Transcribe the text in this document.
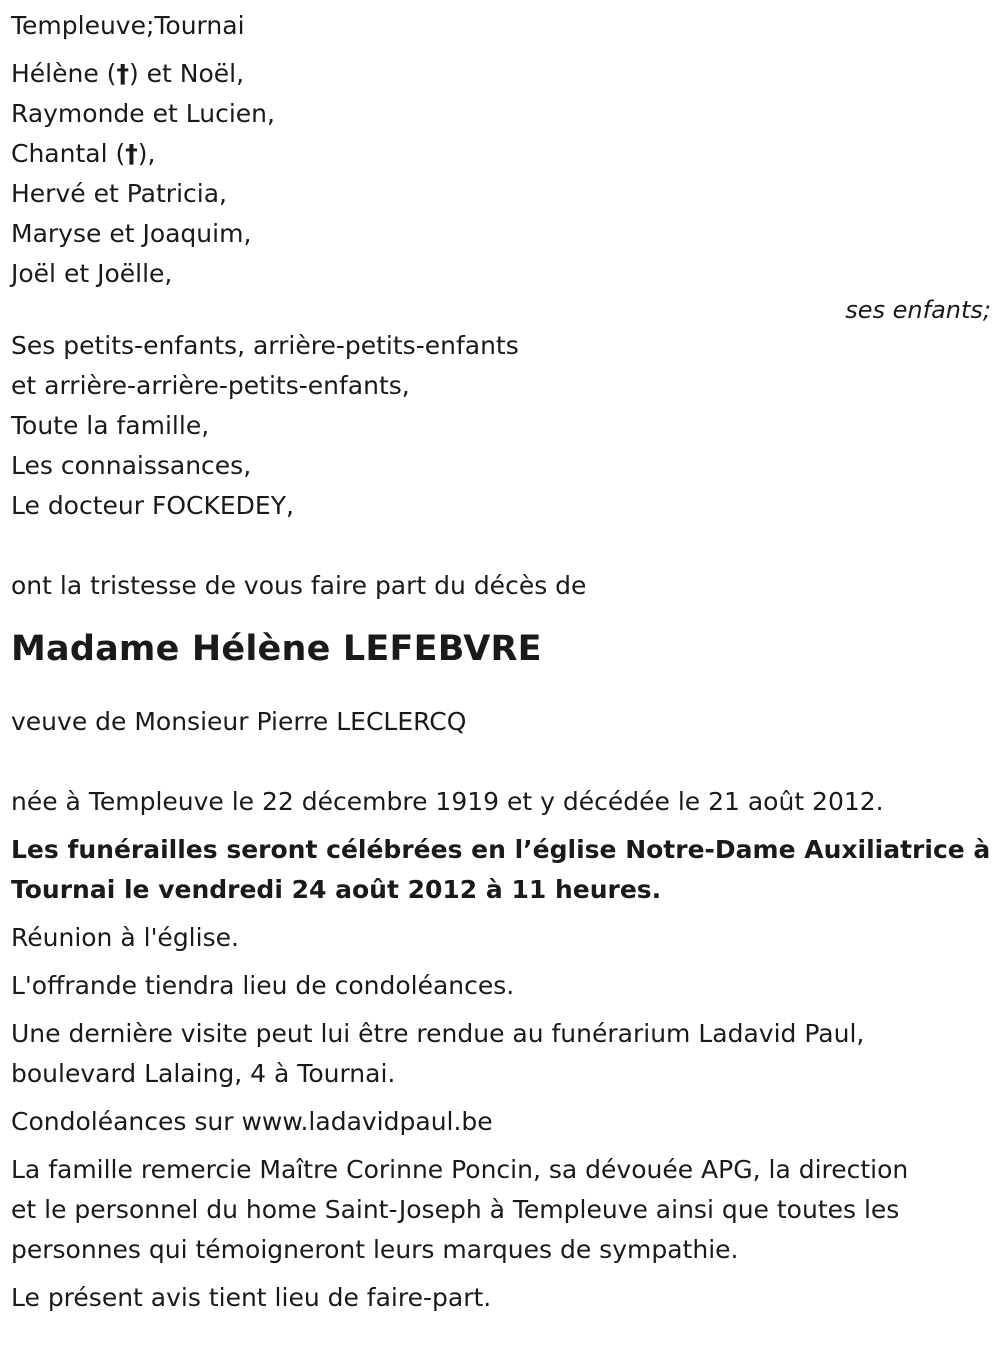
Templeuve;Tournai
Hélène (†) et Noël,
Raymonde et Lucien,
Chantal (†),
Hervé et Patricia,
Maryse et Joaquim,
Joël et Joëlle,
ses enfants;
Ses petits-enfants, arrière-petits-enfants
et arrière-arrière-petits-enfants,
Toute la famille,
Les connaissances,
Le docteur FOCKEDEY,
ont la tristesse de vous faire part du décès de
Madame Hélène LEFEBVRE
veuve de Monsieur Pierre LECLERCQ
née à Templeuve le 22 décembre 1919 et y décédée le 21 août 2012.
Les funérailles seront célébrées en l’église Notre-Dame Auxiliatrice à
Tournai le vendredi 24 août 2012 à 11 heures.
Réunion à l'église.
L'offrande tiendra lieu de condoléances.
Une dernière visite peut lui être rendue au funérarium Ladavid Paul,
boulevard Lalaing, 4 à Tournai.
Condoléances sur www.ladavidpaul.be
La famille remercie Maître Corinne Poncin, sa dévouée APG, la direction
et le personnel du home Saint-Joseph à Templeuve ainsi que toutes les
personnes qui témoigneront leurs marques de sympathie.
Le présent avis tient lieu de faire-part.
